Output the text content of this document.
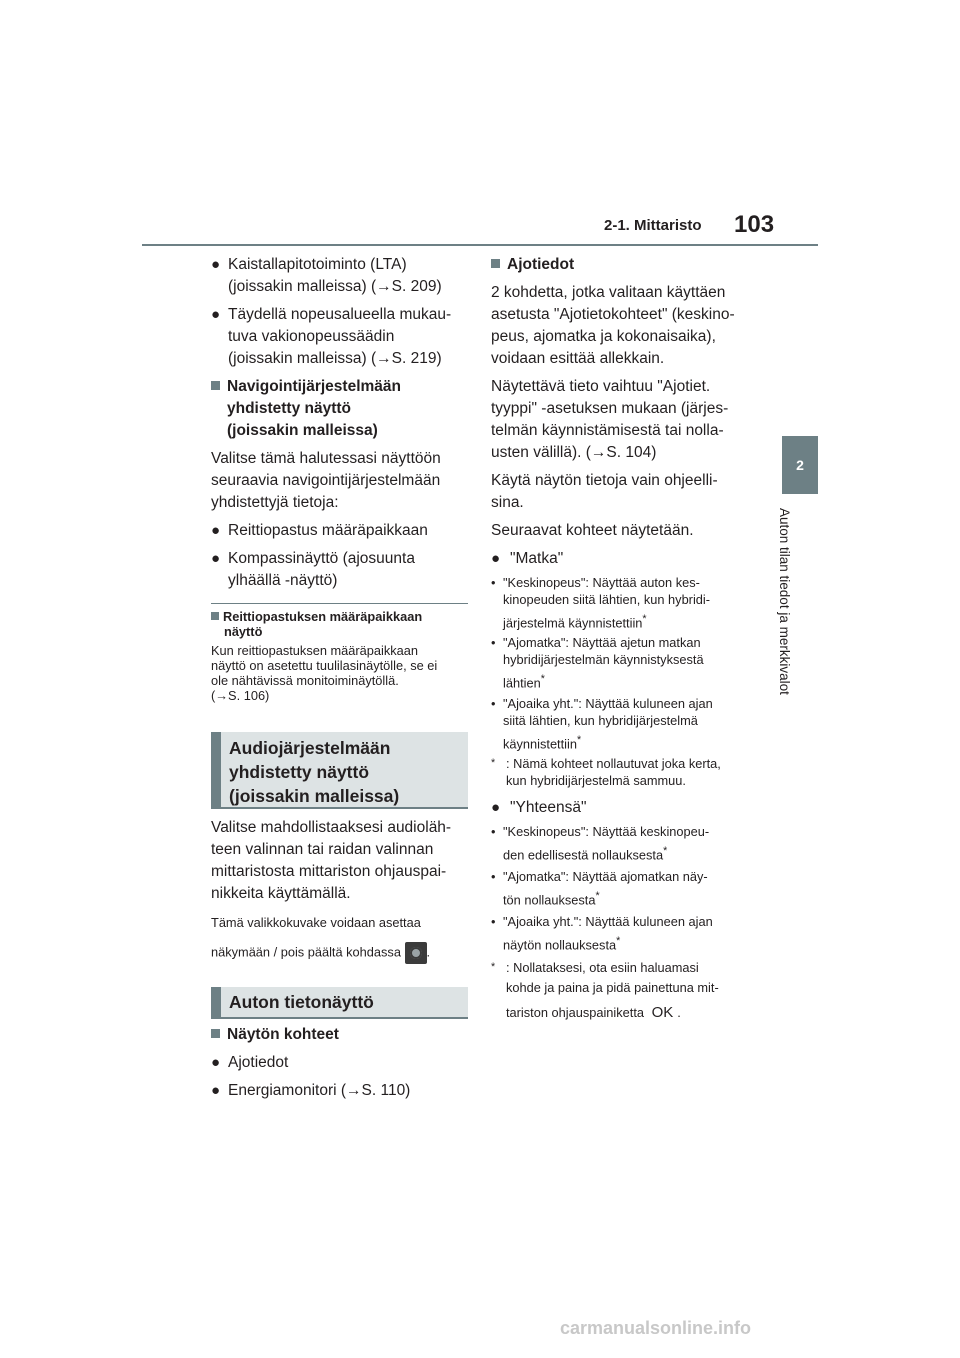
2-1. Mittaristo 103
2
Auton tilan tiedot ja merkkivalot
● Kaistallapitotoiminto (LTA)

(joissakin malleissa) (→S. 209)

● Täydellä nopeusalueella mukau-

tuva vakionopeussäädin

(joissakin malleissa) (→S. 219)

Navigointijärjestelmään

yhdistetty näyttö

(joissakin malleissa)

Valitse tämä halutessasi näyttöön

seuraavia navigointijärjestelmään

yhdistettyjä tietoja:

● Reittiopastus määräpaikkaan

● Kompassinäyttö (ajosuunta

ylhäällä -näyttö)

Reittiopastuksen määräpaikkaan

näyttö

Kun reittiopastuksen määräpaikkaan

näyttö on asetettu tuulilasinäytölle, se ei

ole nähtävissä monitoiminäytöllä.

(→S. 106)

Audiojärjestelmään
yhdistetty näyttö
(joissakin malleissa)

Valitse mahdollistaaksesi audioläh-

teen valinnan tai raidan valinnan

mittaristosta mittariston ohjauspai-

nikkeita käyttämällä.

Tämä valikkokuvake voidaan asettaa

näkymään / pois päältä kohdassa .

Auton tietonäyttö

Näytön kohteet

● Ajotiedot

● Energiamonitori (→S. 110)

Ajotiedot

2 kohdetta, jotka valitaan käyttäen

asetusta "Ajotietokohteet" (keskino-

peus, ajomatka ja kokonaisaika),

voidaan esittää allekkain.

Näytettävä tieto vaihtuu "Ajotiet.

tyyppi" -asetuksen mukaan (järjes-

telmän käynnistämisestä tai nolla-

usten välillä). (→S. 104)

Käytä näytön tietoja vain ohjeelli-

sina.

Seuraavat kohteet näytetään.

● "Matka"

• "Keskinopeus": Näyttää auton kes-

kinopeuden siitä lähtien, kun hybridi-

järjestelmä käynnistettiin*

• "Ajomatka": Näyttää ajetun matkan

hybridijärjestelmän käynnistyksestä

lähtien*

• "Ajoaika yht.": Näyttää kuluneen ajan

siitä lähtien, kun hybridijärjestelmä

käynnistettiin*

* : Nämä kohteet nollautuvat joka kerta,

kun hybridijärjestelmä sammuu.

● "Yhteensä"

• "Keskinopeus": Näyttää keskinopeu-

den edellisestä nollauksesta*

• "Ajomatka": Näyttää ajomatkan näy-

tön nollauksesta*

• "Ajoaika yht.": Näyttää kuluneen ajan

näytön nollauksesta*

* : Nollataksesi, ota esiin haluamasi

kohde ja paina ja pidä painettuna mit-

tariston ohjauspainiketta OK .

carmanualsonline.info
